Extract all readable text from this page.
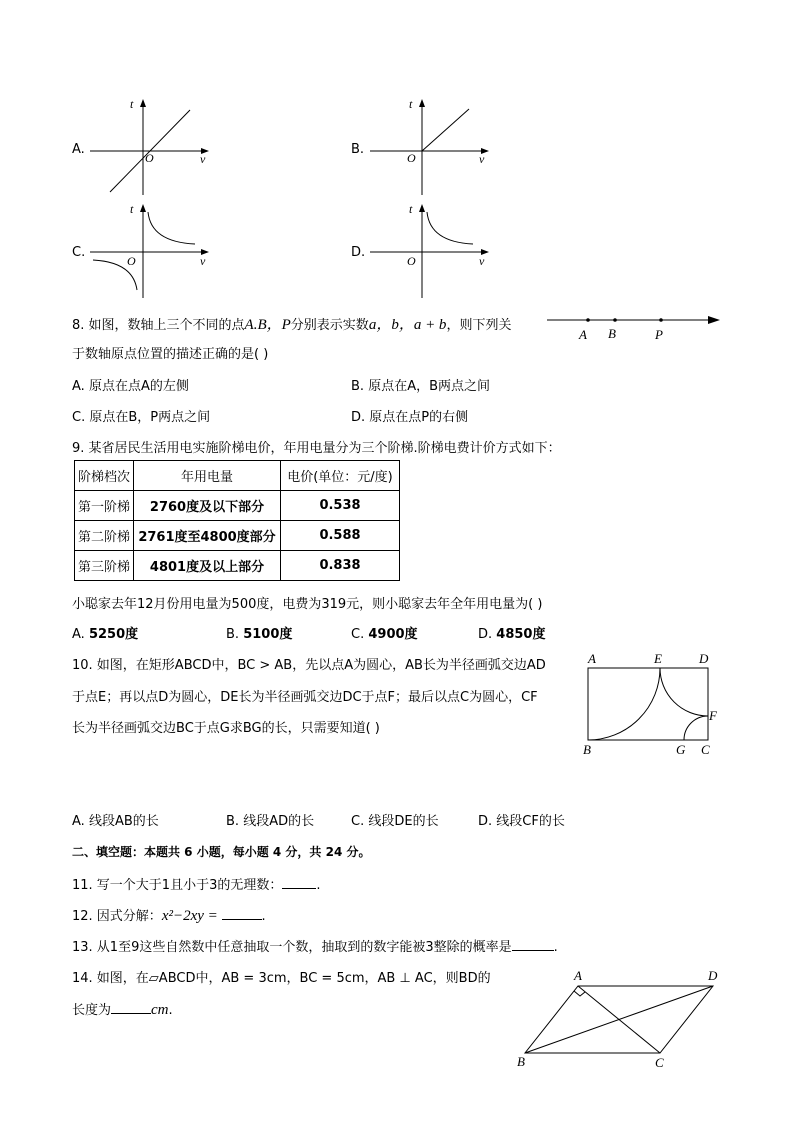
A.
t
v
O
B.
t
v
O
C.
t
v
O
D.
t
v
O
8. 如图，数轴上三个不同的点A.B，P分别表示实数a，b，a + b，则下列关
于数轴原点位置的描述正确的是( )
A B	P
A. 原点在点A的左侧	B. 原点在A，B两点之间
C. 原点在B，P两点之间	D. 原点在点P的右侧
9. 某省居民生活用电实施阶梯电价，年用电量分为三个阶梯.阶梯电费计价方式如下：
阶梯档次	年用电量	电价(单位：元/度)
第一阶梯	2760度及以下部分	0.538
第二阶梯	2761度至4800度部分	0.588
第三阶梯	4801度及以上部分	0.838
小聪家去年12月份用电量为500度，电费为319元，则小聪家去年全年用电量为( )
A. 5250度	B. 5100度	C. 4900度	D. 4850度
10. 如图，在矩形ABCD中，BC > AB，先以点A为圆心，AB长为半径画弧交边AD
于点E；再以点D为圆心，DE长为半径画弧交边DC于点F；最后以点C为圆心，CF
长为半径画弧交边BC于点G求BG的长，只需要知道( )
A	E	D
F
B	G C
A. 线段AB的长	B. 线段AD的长	C. 线段DE的长	D. 线段CF的长
二、填空题：本题共 6 小题，每小题 4 分，共 24 分。
11. 写一个大于1且小于3的无理数：	.
12. 因式分解：x²−2xy =	.
13. 从1至9这些自然数中任意抽取一个数，抽取到的数字能被3整除的概率是	.
14. 如图，在▱ABCD中，AB = 3cm，BC = 5cm，AB ⊥ AC，则BD的
长度为	cm.
A	D
B	C
